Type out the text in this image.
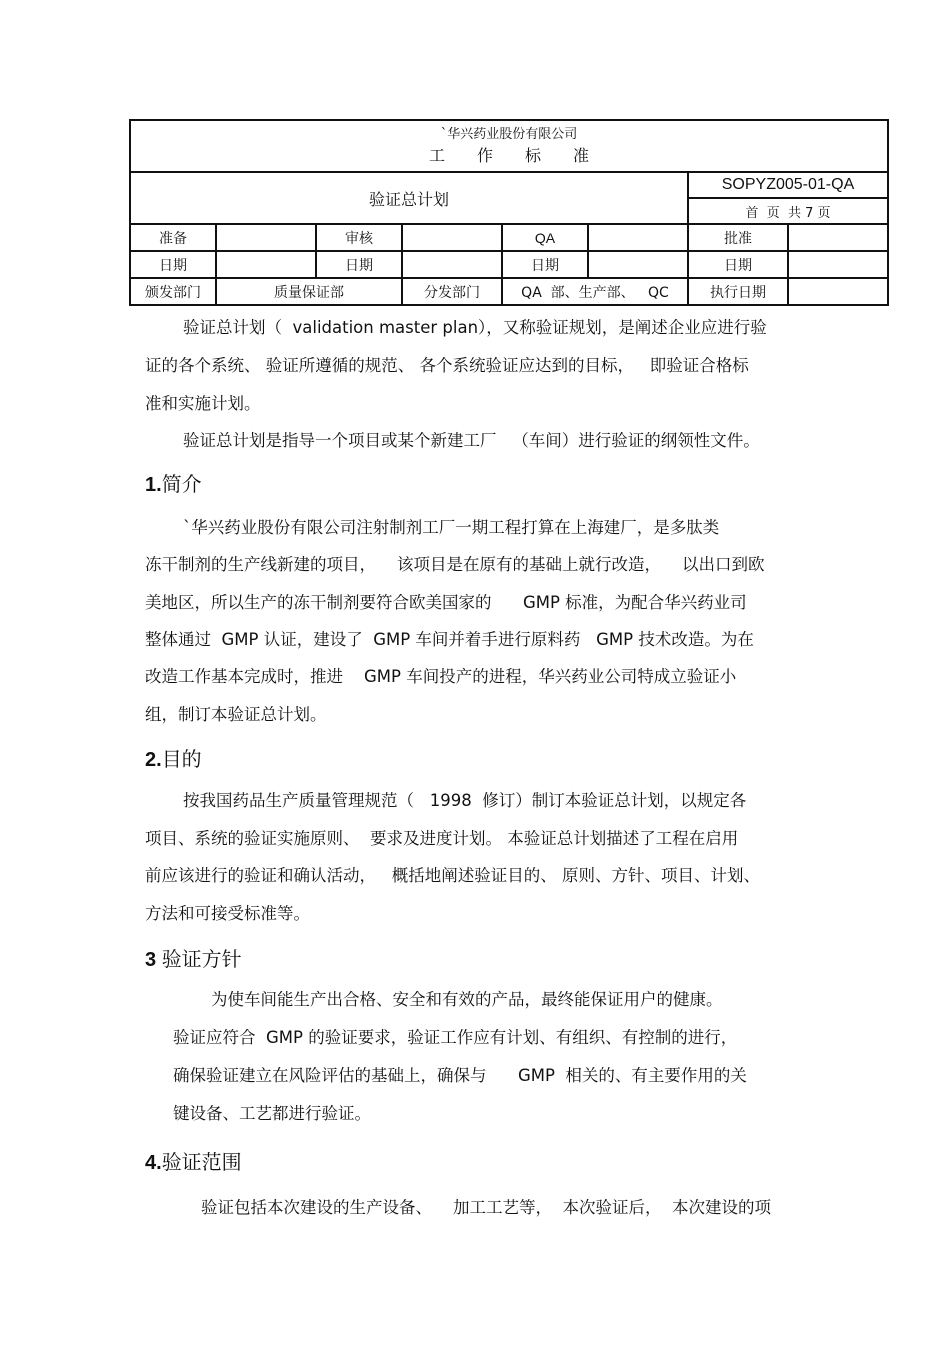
`华兴药业股份有限公司
工作标准							

验证总计划						SOPYZ005-01-QA	
						首  页  共 7 页	
准备		审核		QA		批准	
日期		日期		日期		日期	
颁发部门	质量保证部		分发部门	QA  部、生产部、   QC		执行日期	
验证总计划（  validation master plan），又称验证规划，是阐述企业应进行验
证的各个系统、 验证所遵循的规范、 各个系统验证应达到的目标，   即验证合格标
准和实施计划。
验证总计划是指导一个项目或某个新建工厂   （车间）进行验证的纲领性文件。
1.简介
`华兴药业股份有限公司注射制剂工厂一期工程打算在上海建厂，是多肽类
冻干制剂的生产线新建的项目，    该项目是在原有的基础上就行改造，    以出口到欧
美地区，所以生产的冻干制剂要符合欧美国家的      GMP 标准，为配合华兴药业司
整体通过  GMP 认证，建设了  GMP 车间并着手进行原料药   GMP 技术改造。为在
改造工作基本完成时，推进    GMP 车间投产的进程，华兴药业公司特成立验证小
组，制订本验证总计划。
2.目的
按我国药品生产质量管理规范（   1998  修订）制订本验证总计划，以规定各
项目、系统的验证实施原则、  要求及进度计划。 本验证总计划描述了工程在启用
前应该进行的验证和确认活动，   概括地阐述验证目的、 原则、方针、项目、计划、
方法和可接受标准等。
3 验证方针
为使车间能生产出合格、安全和有效的产品，最终能保证用户的健康。
验证应符合  GMP 的验证要求，验证工作应有计划、有组织、有控制的进行，
确保验证建立在风险评估的基础上，确保与      GMP  相关的、有主要作用的关
键设备、工艺都进行验证。
4.验证范围
验证包括本次建设的生产设备、    加工工艺等，  本次验证后，  本次建设的项
